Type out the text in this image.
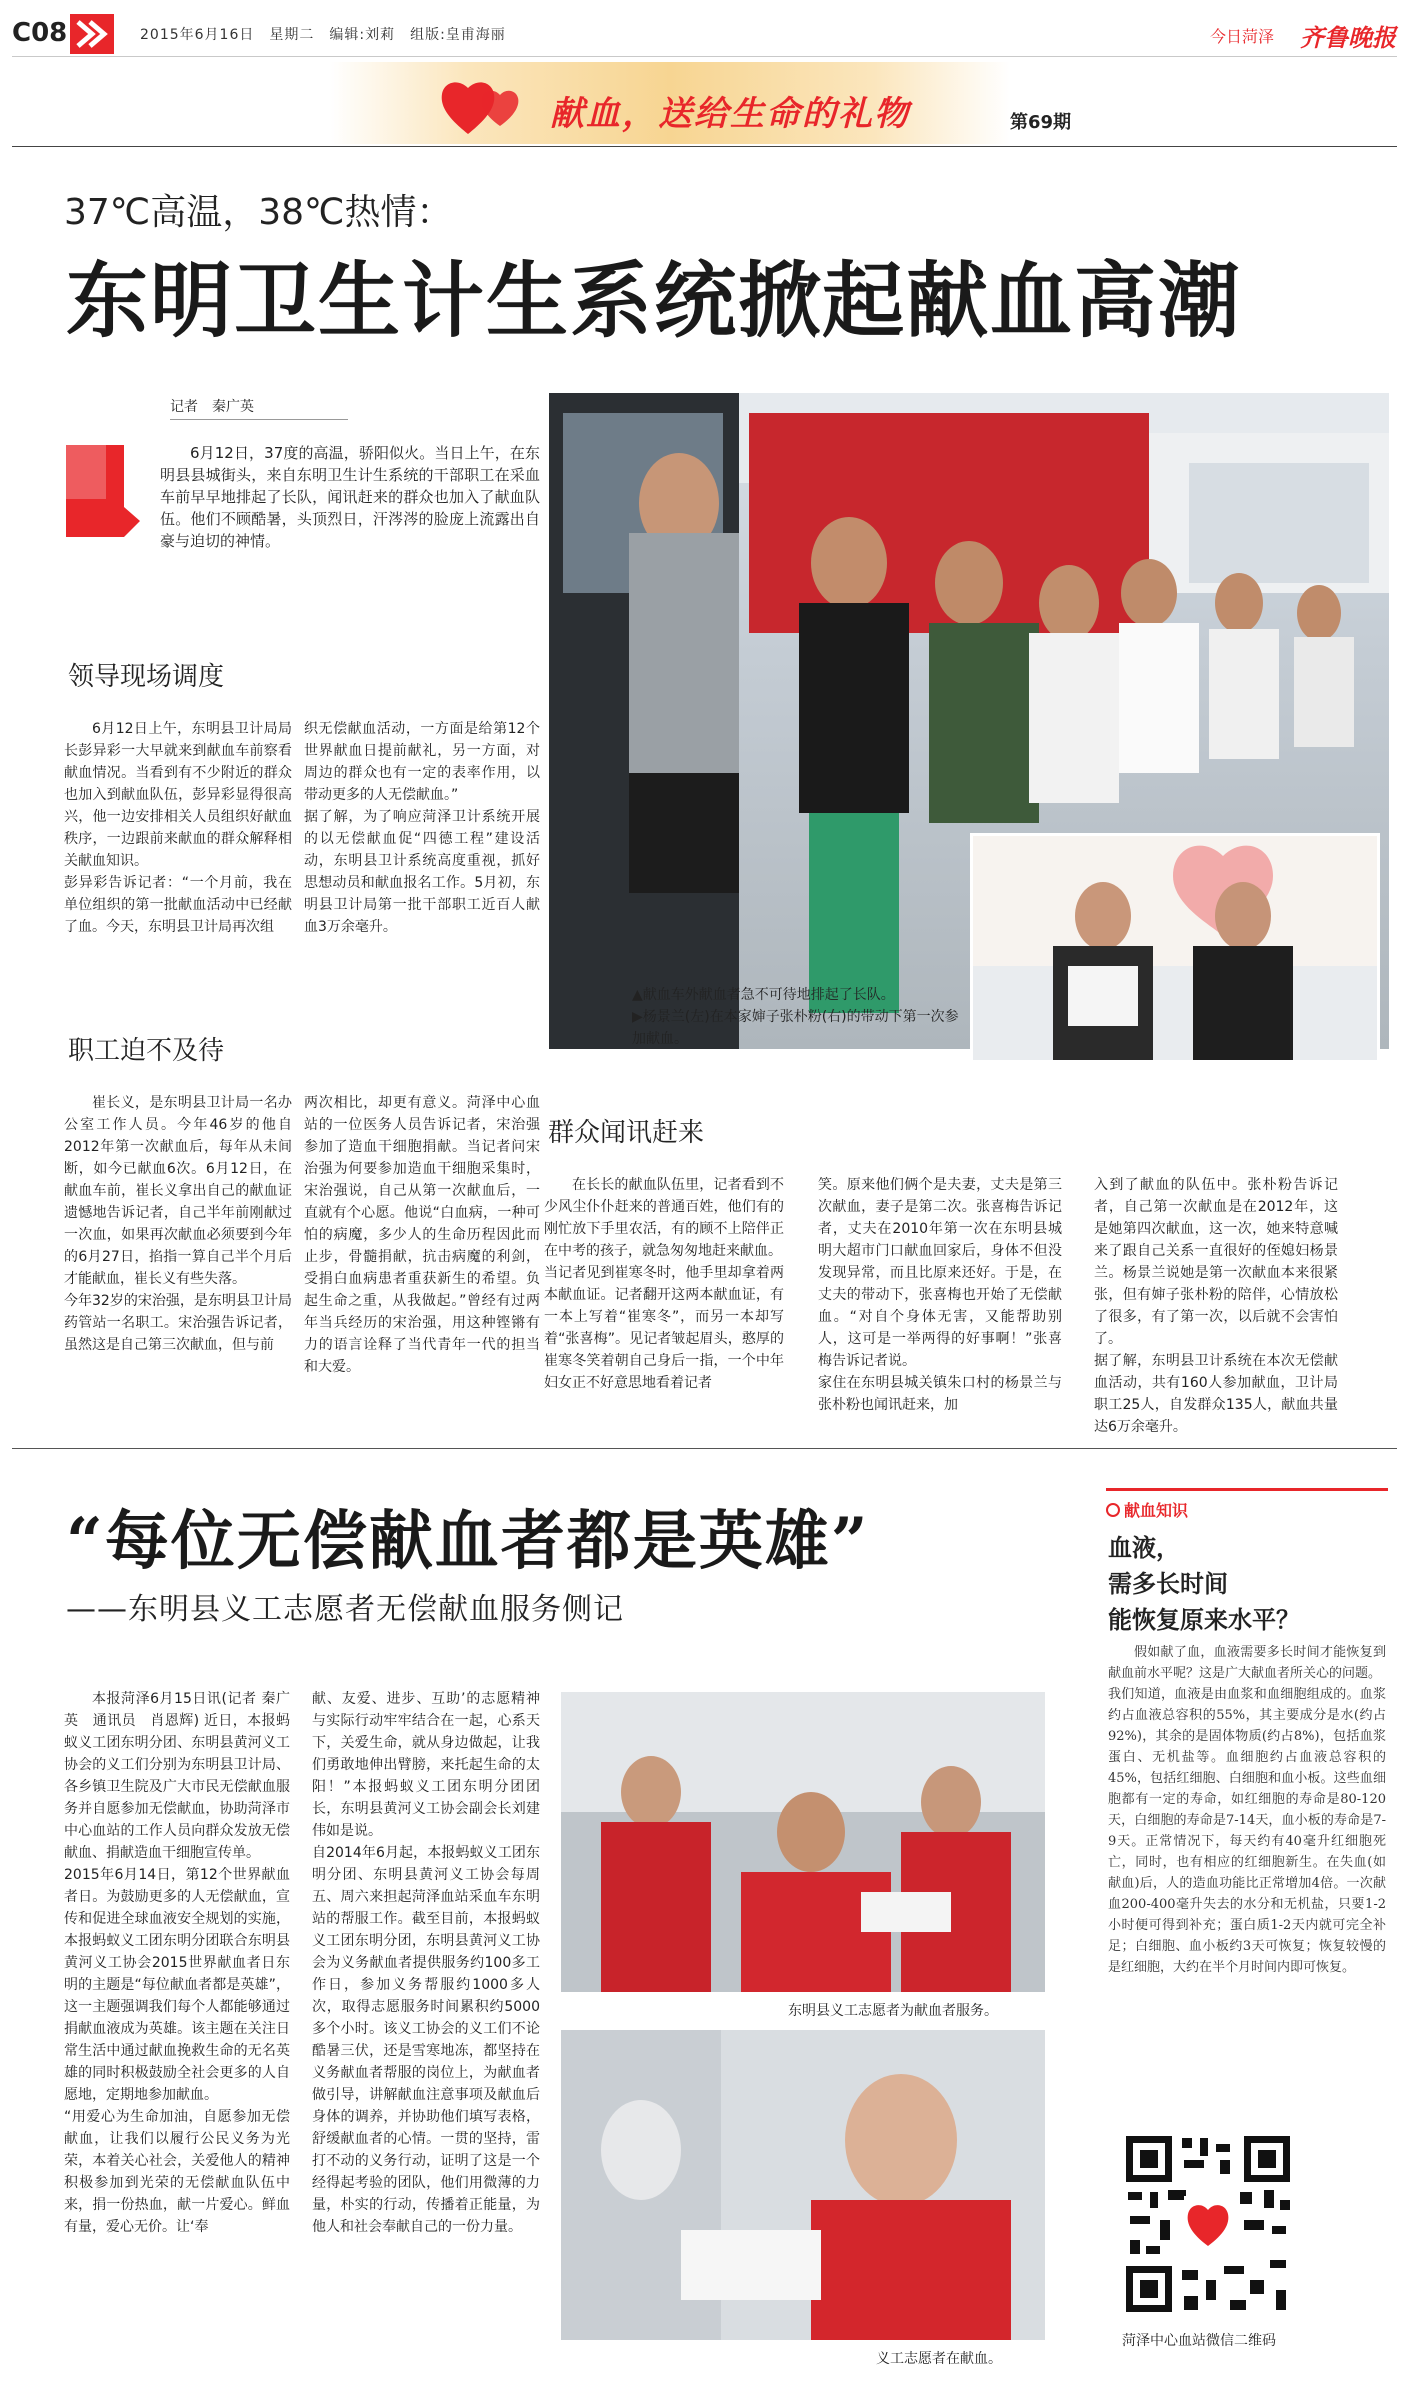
C08	2015年6月16日　星期二　编辑:刘莉　组版:皇甫海丽	今日菏泽 齐鲁晚报
献血，送给生命的礼物	第69期
37℃高温，38℃热情：
东明卫生计生系统掀起献血高潮
记者　秦广英
6月12日，37度的高温，骄阳似火。当日上午，在东明县县城街头，来自东明卫生计生系统的干部职工在采血车前早早地排起了长队，闻讯赶来的群众也加入了献血队伍。他们不顾酷暑，头顶烈日，汗涔涔的脸庞上流露出自豪与迫切的神情。
领导现场调度
6月12日上午，东明县卫计局局长彭异彩一大早就来到献血车前察看献血情况。当看到有不少附近的群众也加入到献血队伍，彭异彩显得很高兴，他一边安排相关人员组织好献血秩序，一边跟前来献血的群众解释相关献血知识。
彭异彩告诉记者：“一个月前，我在单位组织的第一批献血活动中已经献了血。今天，东明县卫计局再次组
织无偿献血活动，一方面是给第12个世界献血日提前献礼，另一方面，对周边的群众也有一定的表率作用，以带动更多的人无偿献血。”
据了解，为了响应菏泽卫计系统开展的以无偿献血促“四德工程”建设活动，东明县卫计系统高度重视，抓好思想动员和献血报名工作。5月初，东明县卫计局第一批干部职工近百人献血3万余毫升。
职工迫不及待
崔长义，是东明县卫计局一名办公室工作人员。今年46岁的他自2012年第一次献血后，每年从未间断，如今已献血6次。6月12日，在献血车前，崔长义拿出自己的献血证遗憾地告诉记者，自己半年前刚献过一次血，如果再次献血必须要到今年的6月27日，掐指一算自己半个月后才能献血，崔长义有些失落。
今年32岁的宋治强，是东明县卫计局药管站一名职工。宋治强告诉记者，虽然这是自己第三次献血，但与前
两次相比，却更有意义。菏泽中心血站的一位医务人员告诉记者，宋治强参加了造血干细胞捐献。当记者问宋治强为何要参加造血干细胞采集时，宋治强说，自己从第一次献血后，一直就有个心愿。他说“白血病，一种可怕的病魔，多少人的生命历程因此而止步，骨髓捐献，抗击病魔的利剑，受捐白血病患者重获新生的希望。负起生命之重，从我做起。”曾经有过两年当兵经历的宋治强，用这种铿锵有力的语言诠释了当代青年一代的担当和大爱。
▲献血车外献血者急不可待地排起了长队。
▶杨景兰(左)在本家婶子张朴粉(右)的带动下第一次参加献血。
群众闻讯赶来
在长长的献血队伍里，记者看到不少风尘仆仆赶来的普通百姓，他们有的刚忙放下手里农活，有的顾不上陪伴正在中考的孩子，就急匆匆地赶来献血。
当记者见到崔寒冬时，他手里却拿着两本献血证。记者翻开这两本献血证，有一本上写着“崔寒冬”，而另一本却写着“张喜梅”。见记者皱起眉头，憨厚的崔寒冬笑着朝自己身后一指，一个中年妇女正不好意思地看着记者
笑。原来他们俩个是夫妻，丈夫是第三次献血，妻子是第二次。张喜梅告诉记者，丈夫在2010年第一次在东明县城明大超市门口献血回家后，身体不但没发现异常，而且比原来还好。于是，在丈夫的带动下，张喜梅也开始了无偿献血。“对自个身体无害，又能帮助别人，这可是一举两得的好事啊！”张喜梅告诉记者说。
家住在东明县城关镇朱口村的杨景兰与张朴粉也闻讯赶来，加
入到了献血的队伍中。张朴粉告诉记者，自己第一次献血是在2012年，这是她第四次献血，这一次，她来特意喊来了跟自己关系一直很好的侄媳妇杨景兰。杨景兰说她是第一次献血本来很紧张，但有婶子张朴粉的陪伴，心情放松了很多，有了第一次，以后就不会害怕了。
据了解，东明县卫计系统在本次无偿献血活动，共有160人参加献血，卫计局职工25人，自发群众135人，献血共量达6万余毫升。
“每位无偿献血者都是英雄”
——东明县义工志愿者无偿献血服务侧记
本报菏泽6月15日讯(记者 秦广英　通讯员　肖恩辉) 近日，本报蚂蚁义工团东明分团、东明县黄河义工协会的义工们分别为东明县卫计局、各乡镇卫生院及广大市民无偿献血服务并自愿参加无偿献血，协助菏泽市中心血站的工作人员向群众发放无偿献血、捐献造血干细胞宣传单。
2015年6月14日，第12个世界献血者日。为鼓励更多的人无偿献血，宣传和促进全球血液安全规划的实施，本报蚂蚁义工团东明分团联合东明县黄河义工协会2015世界献血者日东明的主题是“每位献血者都是英雄”，这一主题强调我们每个人都能够通过捐献血液成为英雄。该主题在关注日常生活中通过献血挽救生命的无名英雄的同时积极鼓励全社会更多的人自愿地，定期地参加献血。
“用爱心为生命加油，自愿参加无偿献血，让我们以履行公民义务为光荣，本着关心社会，关爱他人的精神积极参加到光荣的无偿献血队伍中来，捐一份热血，献一片爱心。鲜血有量，爱心无价。让‘奉
献、友爱、进步、互助’的志愿精神与实际行动牢牢结合在一起，心系天下，关爱生命，就从身边做起，让我们勇敢地伸出臂膀，来托起生命的太阳！”本报蚂蚁义工团东明分团团长，东明县黄河义工协会副会长刘建伟如是说。
自2014年6月起，本报蚂蚁义工团东明分团、东明县黄河义工协会每周五、周六来担起菏泽血站采血车东明站的帮服工作。截至目前，本报蚂蚁义工团东明分团，东明县黄河义工协会为义务献血者提供服务约100多工作日，参加义务帮服约1000多人次，取得志愿服务时间累积约5000多个小时。该义工协会的义工们不论酷暑三伏，还是雪寒地冻，都坚持在义务献血者帮服的岗位上，为献血者做引导，讲解献血注意事项及献血后身体的调养，并协助他们填写表格，舒缓献血者的心情。一贯的坚持，雷打不动的义务行动，证明了这是一个经得起考验的团队，他们用微薄的力量，朴实的行动，传播着正能量，为他人和社会奉献自己的一份力量。
东明县义工志愿者为献血者服务。
义工志愿者在献血。
献血知识
血液，
需多长时间
能恢复原来水平？
假如献了血，血液需要多长时间才能恢复到献血前水平呢？这是广大献血者所关心的问题。
我们知道，血液是由血浆和血细胞组成的。血浆约占血液总容积的55%，其主要成分是水(约占92%)，其余的是固体物质(约占8%)，包括血浆蛋白、无机盐等。血细胞约占血液总容积的45%，包括红细胞、白细胞和血小板。这些血细胞都有一定的寿命，如红细胞的寿命是80-120天，白细胞的寿命是7-14天，血小板的寿命是7-9天。正常情况下，每天约有40毫升红细胞死亡，同时，也有相应的红细胞新生。在失血(如献血)后，人的造血功能比正常增加4倍。一次献血200-400毫升失去的水分和无机盐，只要1-2小时便可得到补充；蛋白质1-2天内就可完全补足；白细胞、血小板约3天可恢复；恢复较慢的是红细胞，大约在半个月时间内即可恢复。
菏泽中心血站微信二维码
